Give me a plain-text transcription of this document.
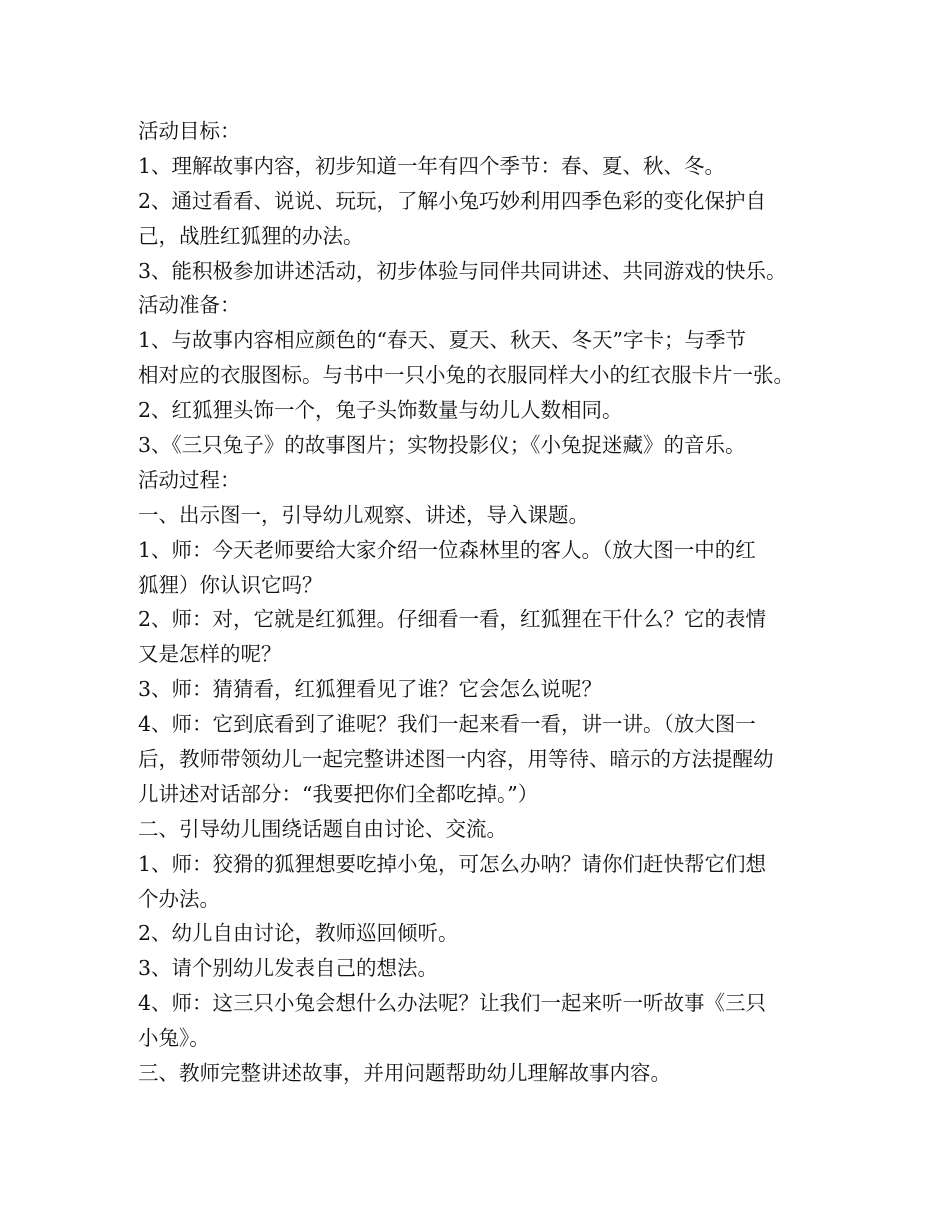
活动目标：
1、理解故事内容，初步知道一年有四个季节：春、夏、秋、冬。
2、通过看看、说说、玩玩，了解小兔巧妙利用四季色彩的变化保护自
己，战胜红狐狸的办法。
3、能积极参加讲述活动，初步体验与同伴共同讲述、共同游戏的快乐。
活动准备：
1、与故事内容相应颜色的“春天、夏天、秋天、冬天”字卡；与季节
相对应的衣服图标。与书中一只小兔的衣服同样大小的红衣服卡片一张。
2、红狐狸头饰一个，兔子头饰数量与幼儿人数相同。
3、《三只兔子》的故事图片；实物投影仪；《小兔捉迷藏》的音乐。
活动过程：
一、出示图一，引导幼儿观察、讲述，导入课题。
1、师：今天老师要给大家介绍一位森林里的客人。（放大图一中的红
狐狸）你认识它吗？
2、师：对，它就是红狐狸。仔细看一看，红狐狸在干什么？它的表情
又是怎样的呢？
3、师：猜猜看，红狐狸看见了谁？它会怎么说呢？
4、师：它到底看到了谁呢？我们一起来看一看，讲一讲。（放大图一
后，教师带领幼儿一起完整讲述图一内容，用等待、暗示的方法提醒幼
儿讲述对话部分：“我要把你们全都吃掉。”）
二、引导幼儿围绕话题自由讨论、交流。
1、师：狡猾的狐狸想要吃掉小兔，可怎么办呐？请你们赶快帮它们想
个办法。
2、幼儿自由讨论，教师巡回倾听。
3、请个别幼儿发表自己的想法。
4、师：这三只小兔会想什么办法呢？让我们一起来听一听故事《三只
小兔》。
三、教师完整讲述故事，并用问题帮助幼儿理解故事内容。
